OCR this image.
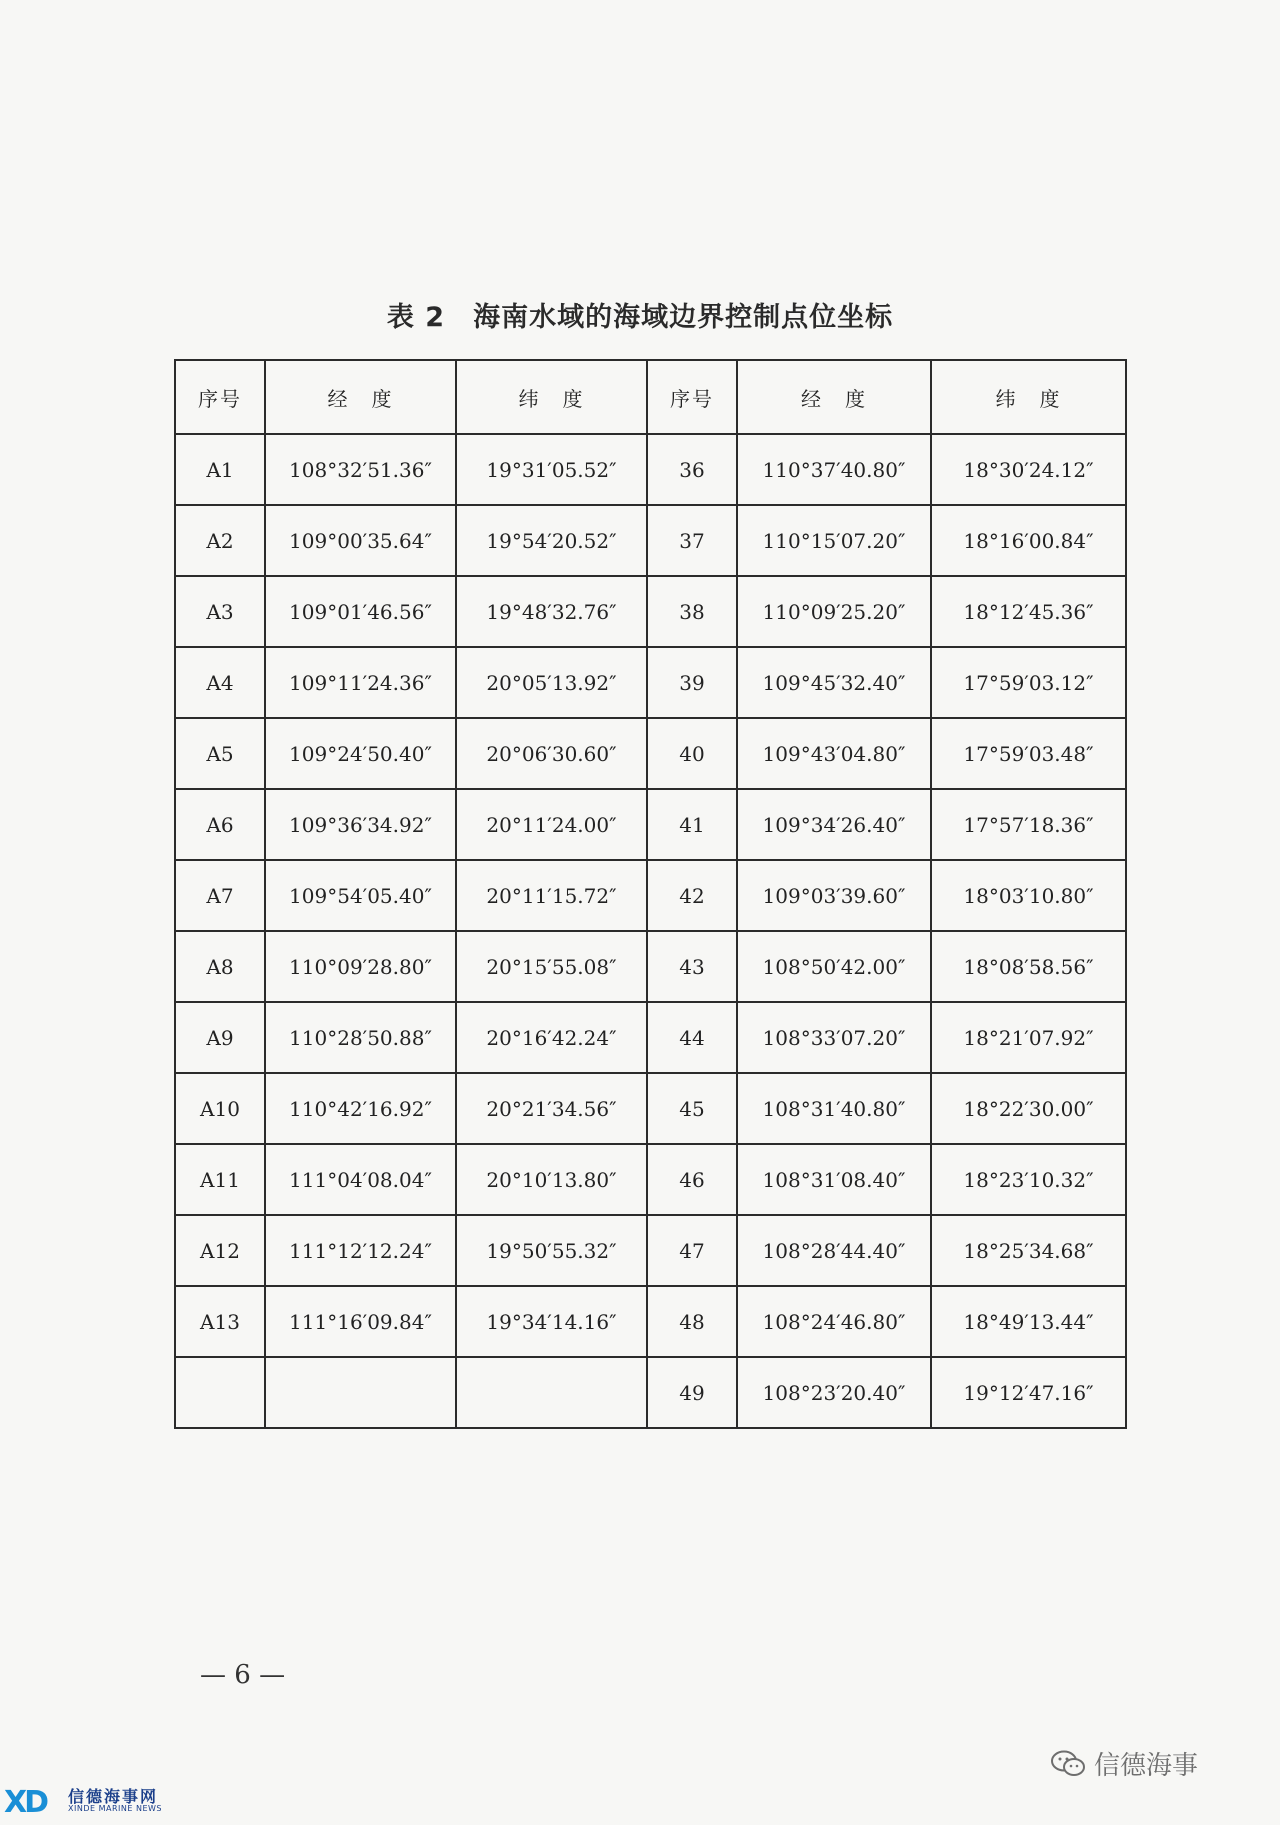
表 2 海南水域的海域边界控制点位坐标
序号	经　度	纬　度	序号	经　度	纬　度
A1	108°32′51.36″	19°31′05.52″	36	110°37′40.80″	18°30′24.12″
A2	109°00′35.64″	19°54′20.52″	37	110°15′07.20″	18°16′00.84″
A3	109°01′46.56″	19°48′32.76″	38	110°09′25.20″	18°12′45.36″
A4	109°11′24.36″	20°05′13.92″	39	109°45′32.40″	17°59′03.12″
A5	109°24′50.40″	20°06′30.60″	40	109°43′04.80″	17°59′03.48″
A6	109°36′34.92″	20°11′24.00″	41	109°34′26.40″	17°57′18.36″
A7	109°54′05.40″	20°11′15.72″	42	109°03′39.60″	18°03′10.80″
A8	110°09′28.80″	20°15′55.08″	43	108°50′42.00″	18°08′58.56″
A9	110°28′50.88″	20°16′42.24″	44	108°33′07.20″	18°21′07.92″
A10	110°42′16.92″	20°21′34.56″	45	108°31′40.80″	18°22′30.00″
A11	111°04′08.04″	20°10′13.80″	46	108°31′08.40″	18°23′10.32″
A12	111°12′12.24″	19°50′55.32″	47	108°28′44.40″	18°25′34.68″
A13	111°16′09.84″	19°34′14.16″	48	108°24′46.80″	18°49′13.44″
			49	108°23′20.40″	19°12′47.16″
— 6 —
XD 信德海事网
XINDE MARINE NEWS
信德海事
